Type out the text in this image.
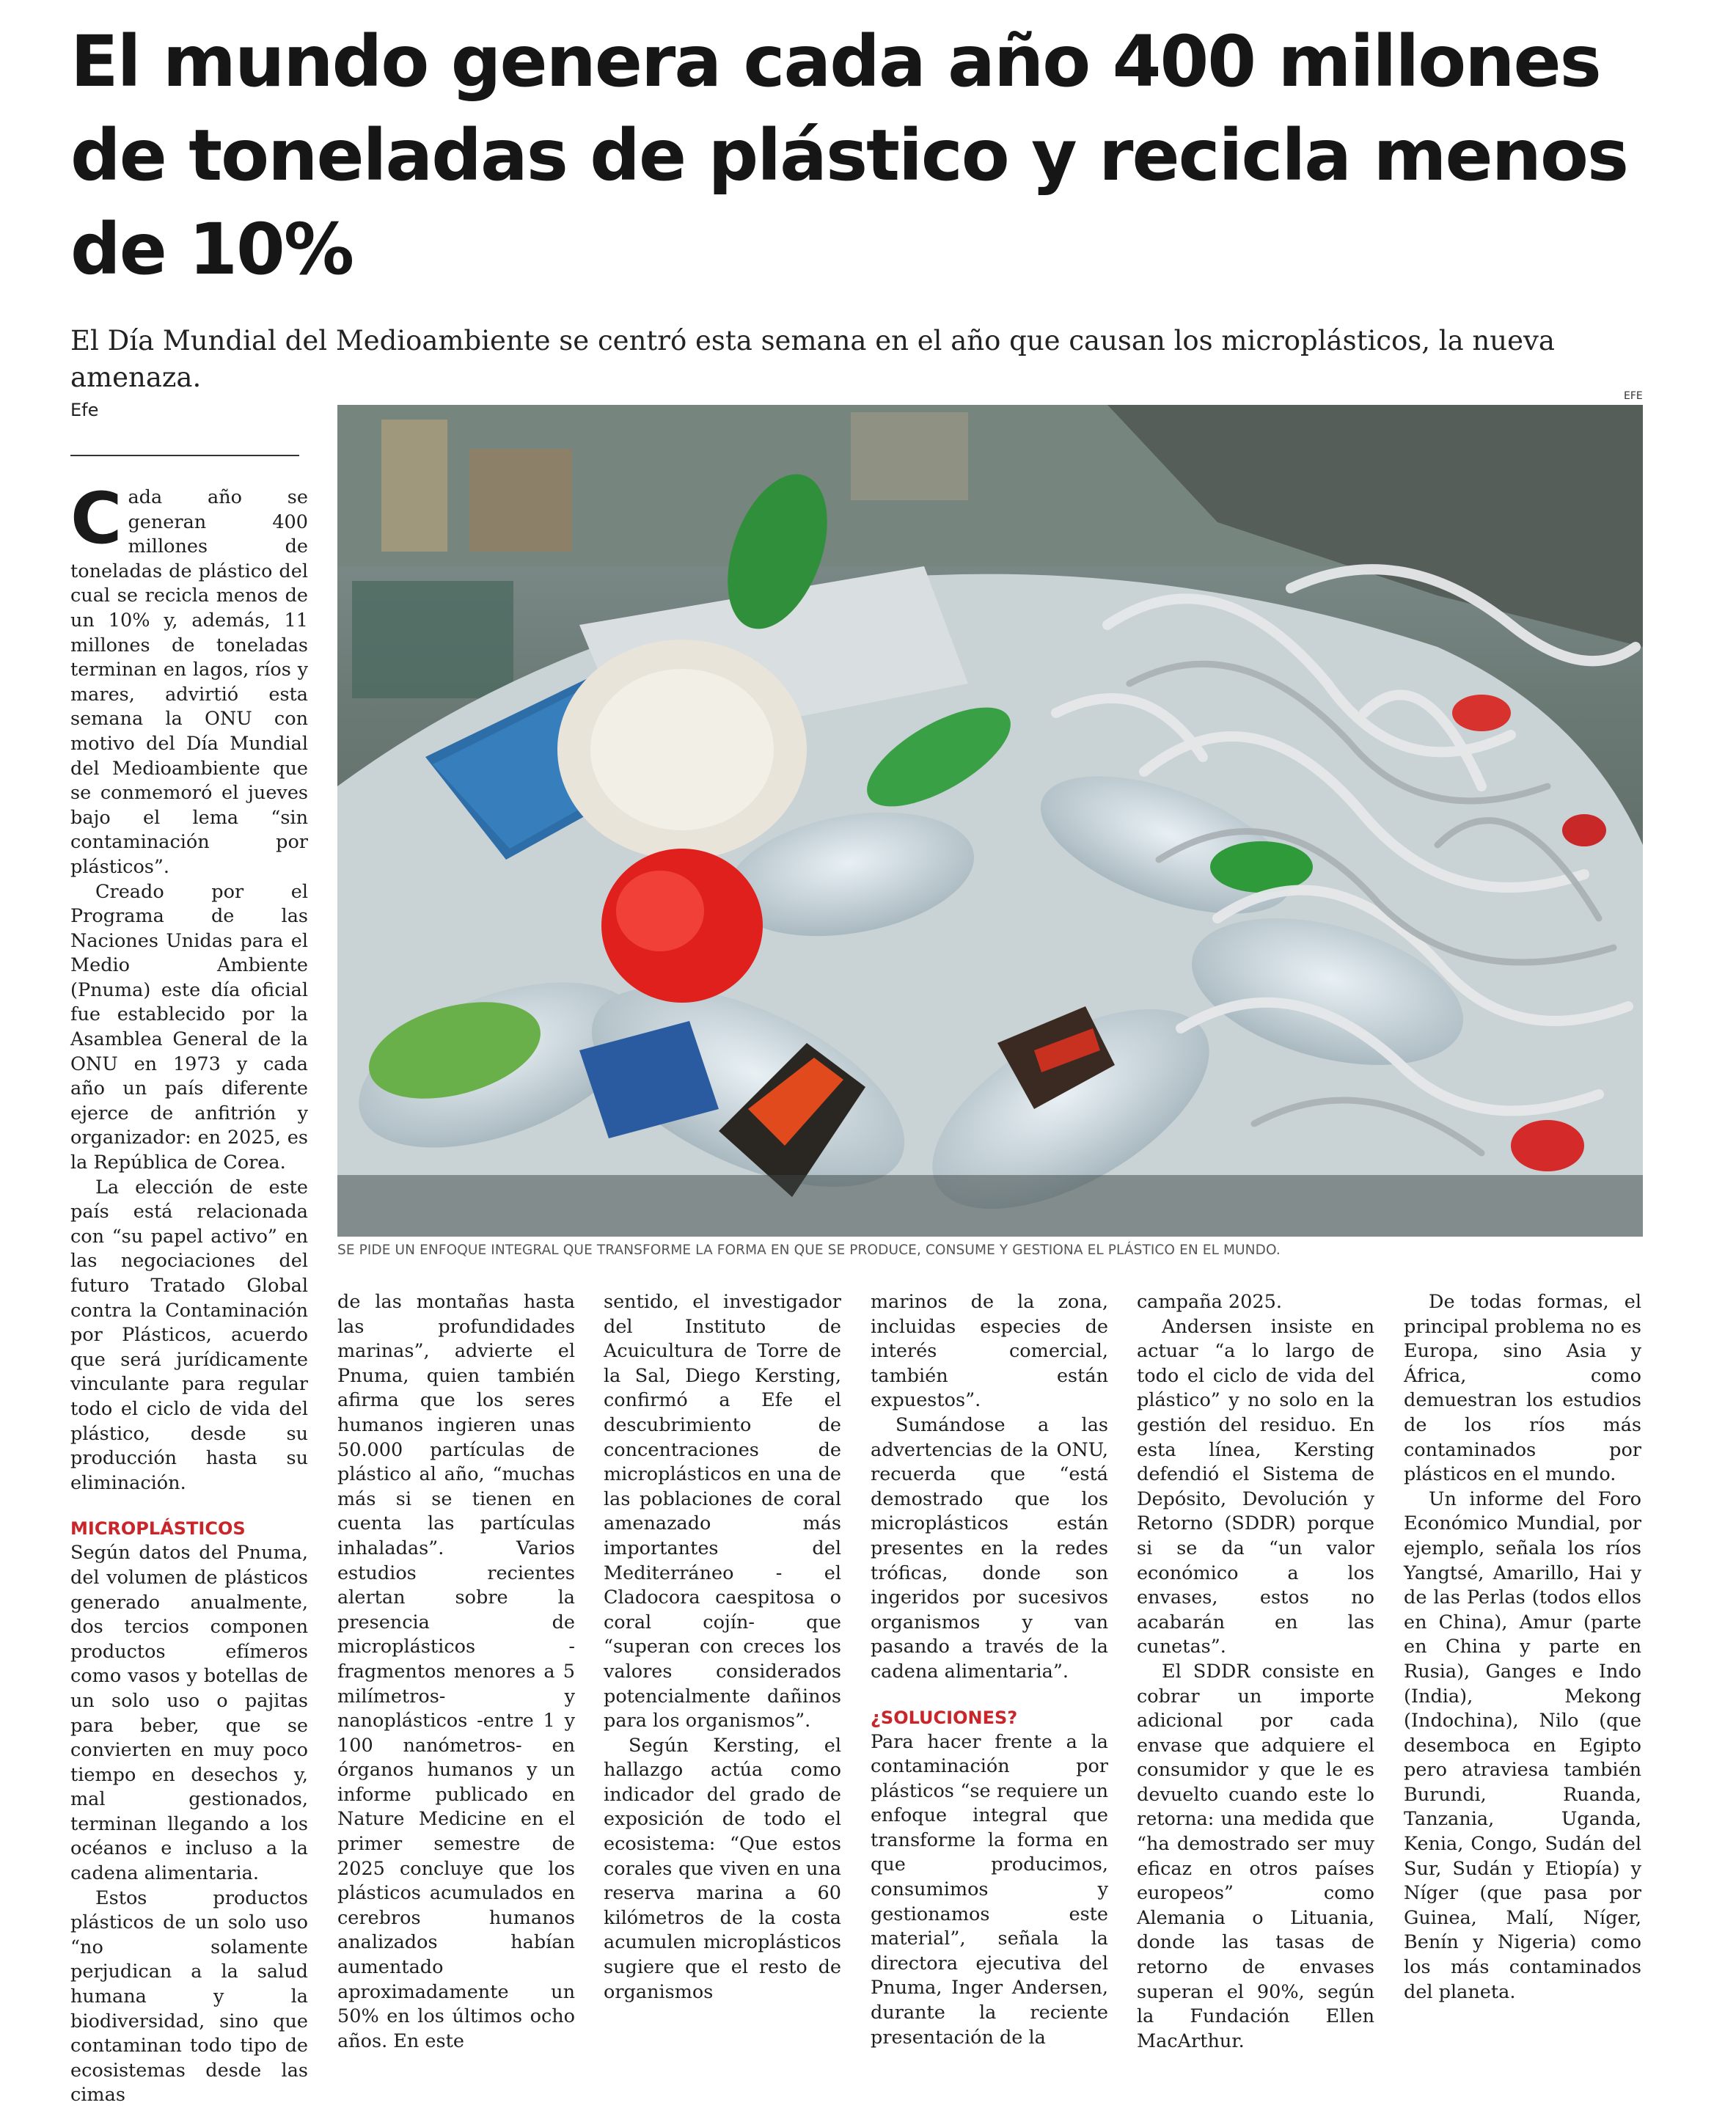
El mundo genera cada año 400 millones de toneladas de plástico y recicla menos de 10%
El Día Mundial del Medioambiente se centró esta semana en el año que causan los microplásticos, la nueva amenaza.
Efe
EFE
SE PIDE UN ENFOQUE INTEGRAL QUE TRANSFORME LA FORMA EN QUE SE PRODUCE, CONSUME Y GESTIONA EL PLÁSTICO EN EL MUNDO.

Cada año se generan 400 millones de toneladas de plástico del cual se recicla menos de un 10% y, además, 11 millones de toneladas terminan en lagos, ríos y mares, advirtió esta semana la ONU con motivo del Día Mundial del Medioambiente que se conmemoró el jueves bajo el lema “sin contaminación por plásticos”.

Creado por el Programa de las Naciones Unidas para el Medio Ambiente (Pnuma) este día oficial fue establecido por la Asamblea General de la ONU en 1973 y cada año un país diferente ejerce de anfitrión y organizador: en 2025, es la República de Corea.

La elección de este país está relacionada con “su papel activo” en las negociaciones del futuro Tratado Global contra la Contaminación por Plásticos, acuerdo que será jurídicamente vinculante para regular todo el ciclo de vida del plástico, desde su producción hasta su eliminación.

MICROPLÁSTICOS

Según datos del Pnuma, del volumen de plásticos generado anualmente, dos tercios componen productos efímeros como vasos y botellas de un solo uso o pajitas para beber, que se convierten en muy poco tiempo en desechos y, mal gestionados, terminan llegando a los océanos e incluso a la cadena alimentaria.

Estos productos plásticos de un solo uso “no solamente perjudican a la salud humana y la biodiversidad, sino que contaminan todo tipo de ecosistemas desde las cimas

de las montañas hasta las profundidades marinas”, advierte el Pnuma, quien también afirma que los seres humanos ingieren unas 50.000 partículas de plástico al año, “muchas más si se tienen en cuenta las partículas inhaladas”. Varios estudios recientes alertan sobre la presencia de microplásticos -fragmentos menores a 5 milímetros- y nanoplásticos -entre 1 y 100 nanómetros- en órganos humanos y un informe publicado en Nature Medicine en el primer semestre de 2025 concluye que los plásticos acumulados en cerebros humanos analizados habían aumentado aproximadamente un 50% en los últimos ocho años. En este

sentido, el investigador del Instituto de Acuicultura de Torre de la Sal, Diego Kersting, confirmó a Efe el descubrimiento de concentraciones de microplásticos en una de las poblaciones de coral amenazado más importantes del Mediterráneo - el Cladocora caespitosa o coral cojín- que “superan con creces los valores considerados potencialmente dañinos para los organismos”.

Según Kersting, el hallazgo actúa como indicador del grado de exposición de todo el ecosistema: “Que estos corales que viven en una reserva marina a 60 kilómetros de la costa acumulen microplásticos sugiere que el resto de organismos

marinos de la zona, incluidas especies de interés comercial, también están expuestos”.

Sumándose a las advertencias de la ONU, recuerda que “está demostrado que los microplásticos están presentes en la redes tróficas, donde son ingeridos por sucesivos organismos y van pasando a través de la cadena alimentaria”.

¿SOLUCIONES?

Para hacer frente a la contaminación por plásticos “se requiere un enfoque integral que transforme la forma en que producimos, consumimos y gestionamos este material”, señala la directora ejecutiva del Pnuma, Inger Andersen, durante la reciente presentación de la

campaña 2025.

Andersen insiste en actuar “a lo largo de todo el ciclo de vida del plástico” y no solo en la gestión del residuo. En esta línea, Kersting defendió el Sistema de Depósito, Devolución y Retorno (SDDR) porque si se da “un valor económico a los envases, estos no acabarán en las cunetas”.

El SDDR consiste en cobrar un importe adicional por cada envase que adquiere el consumidor y que le es devuelto cuando este lo retorna: una medida que “ha demostrado ser muy eficaz en otros países europeos” como Alemania o Lituania, donde las tasas de retorno de envases superan el 90%, según la Fundación Ellen MacArthur.

De todas formas, el principal problema no es Europa, sino Asia y África, como demuestran los estudios de los ríos más contaminados por plásticos en el mundo.

Un informe del Foro Económico Mundial, por ejemplo, señala los ríos Yangtsé, Amarillo, Hai y de las Perlas (todos ellos en China), Amur (parte en China y parte en Rusia), Ganges e Indo (India), Mekong (Indochina), Nilo (que desemboca en Egipto pero atraviesa también Burundi, Ruanda, Tanzania, Uganda, Kenia, Congo, Sudán del Sur, Sudán y Etiopía) y Níger (que pasa por Guinea, Malí, Níger, Benín y Nigeria) como los más contaminados del planeta.
